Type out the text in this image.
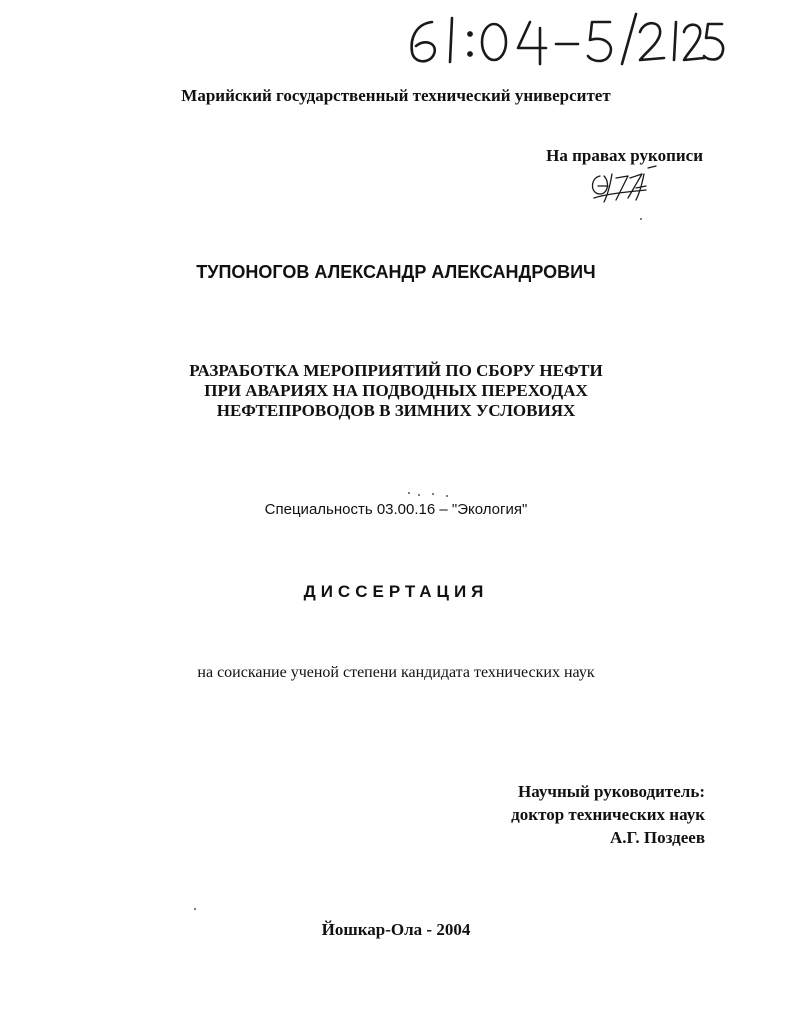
Марийский государственный технический университет
На правах рукописи
ТУПОНОГОВ АЛЕКСАНДР АЛЕКСАНДРОВИЧ
РАЗРАБОТКА МЕРОПРИЯТИЙ ПО СБОРУ НЕФТИ
ПРИ АВАРИЯХ НА ПОДВОДНЫХ ПЕРЕХОДАХ
НЕФТЕПРОВОДОВ В ЗИМНИХ УСЛОВИЯХ
Специальность 03.00.16 – "Экология"
ДИССЕРТАЦИЯ
на соискание ученой степени кандидата технических наук
Научный руководитель:
доктор технических наук
А.Г. Поздеев
Йошкар-Ола - 2004
